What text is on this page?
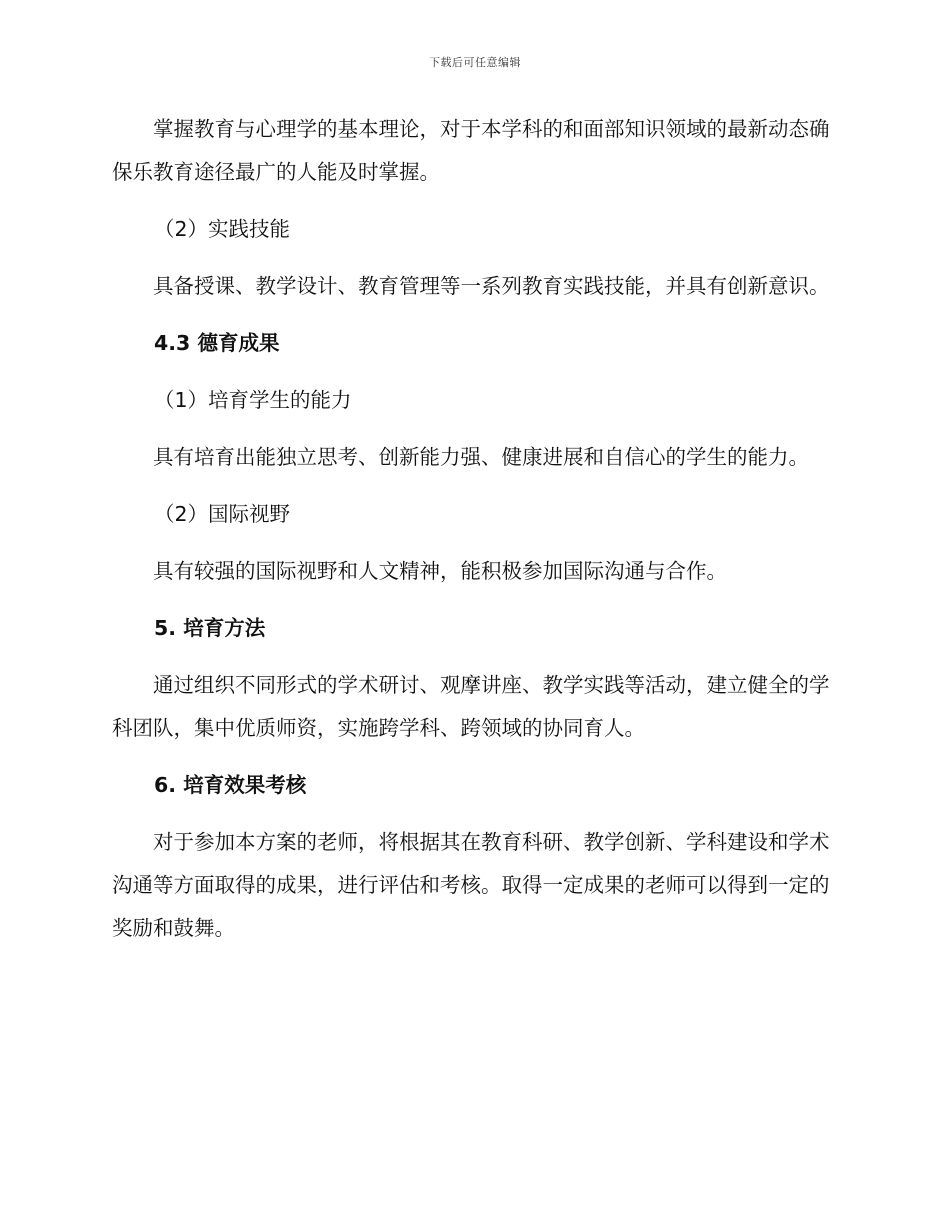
下载后可任意编辑

掌握教育与心理学的基本理论，对于本学科的和面部知识领域的最新动态确保乐教育途径最广的人能及时掌握。

（2）实践技能

具备授课、教学设计、教育管理等一系列教育实践技能，并具有创新意识。

4.3 德育成果

（1）培育学生的能力

具有培育出能独立思考、创新能力强、健康进展和自信心的学生的能力。

（2）国际视野

具有较强的国际视野和人文精神，能积极参加国际沟通与合作。

5. 培育方法

通过组织不同形式的学术研讨、观摩讲座、教学实践等活动，建立健全的学科团队，集中优质师资，实施跨学科、跨领域的协同育人。

6. 培育效果考核

对于参加本方案的老师，将根据其在教育科研、教学创新、学科建设和学术沟通等方面取得的成果，进行评估和考核。取得一定成果的老师可以得到一定的奖励和鼓舞。
